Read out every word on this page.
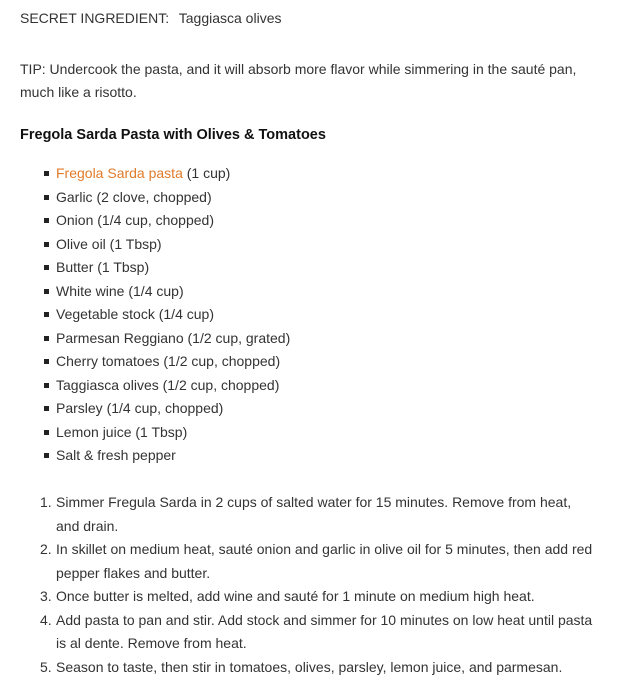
SECRET INGREDIENT: Taggiasca olives
TIP: Undercook the pasta, and it will absorb more flavor while simmering in the sauté pan, much like a risotto.
Fregola Sarda Pasta with Olives & Tomatoes
Fregola Sarda pasta (1 cup)
Garlic (2 clove, chopped)
Onion (1/4 cup, chopped)
Olive oil (1 Tbsp)
Butter (1 Tbsp)
White wine (1/4 cup)
Vegetable stock (1/4 cup)
Parmesan Reggiano (1/2 cup, grated)
Cherry tomatoes (1/2 cup, chopped)
Taggiasca olives (1/2 cup, chopped)
Parsley (1/4 cup, chopped)
Lemon juice (1 Tbsp)
Salt & fresh pepper
1. Simmer Fregula Sarda in 2 cups of salted water for 15 minutes. Remove from heat, and drain.
2. In skillet on medium heat, sauté onion and garlic in olive oil for 5 minutes, then add red pepper flakes and butter.
3. Once butter is melted, add wine and sauté for 1 minute on medium high heat.
4. Add pasta to pan and stir. Add stock and simmer for 10 minutes on low heat until pasta is al dente. Remove from heat.
5. Season to taste, then stir in tomatoes, olives, parsley, lemon juice, and parmesan.
